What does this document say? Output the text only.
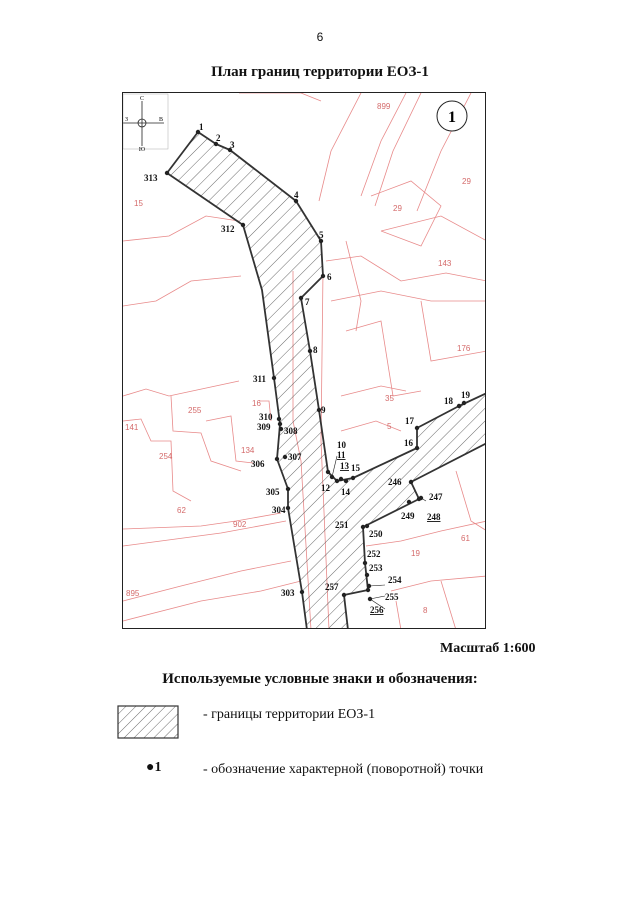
6
План границ территории ЕОЗ-1
С
Ю
З	В	1
899
29
29
143
15
176
16
141
255
134
35
5
254
62
902
19
61
8
895
1
2
3
4
5
6
7
8
9
10
11
12
13
14
15
16
17
18
19
246
247
248
249
250
251
252
253
254
255
256
257
303
304
305
306
307
308
309
310
311
312
313
Масштаб 1:600
Используемые условные знаки и обозначения:
- границы территории ЕОЗ-1
●1	- обозначение характерной (поворотной) точки
